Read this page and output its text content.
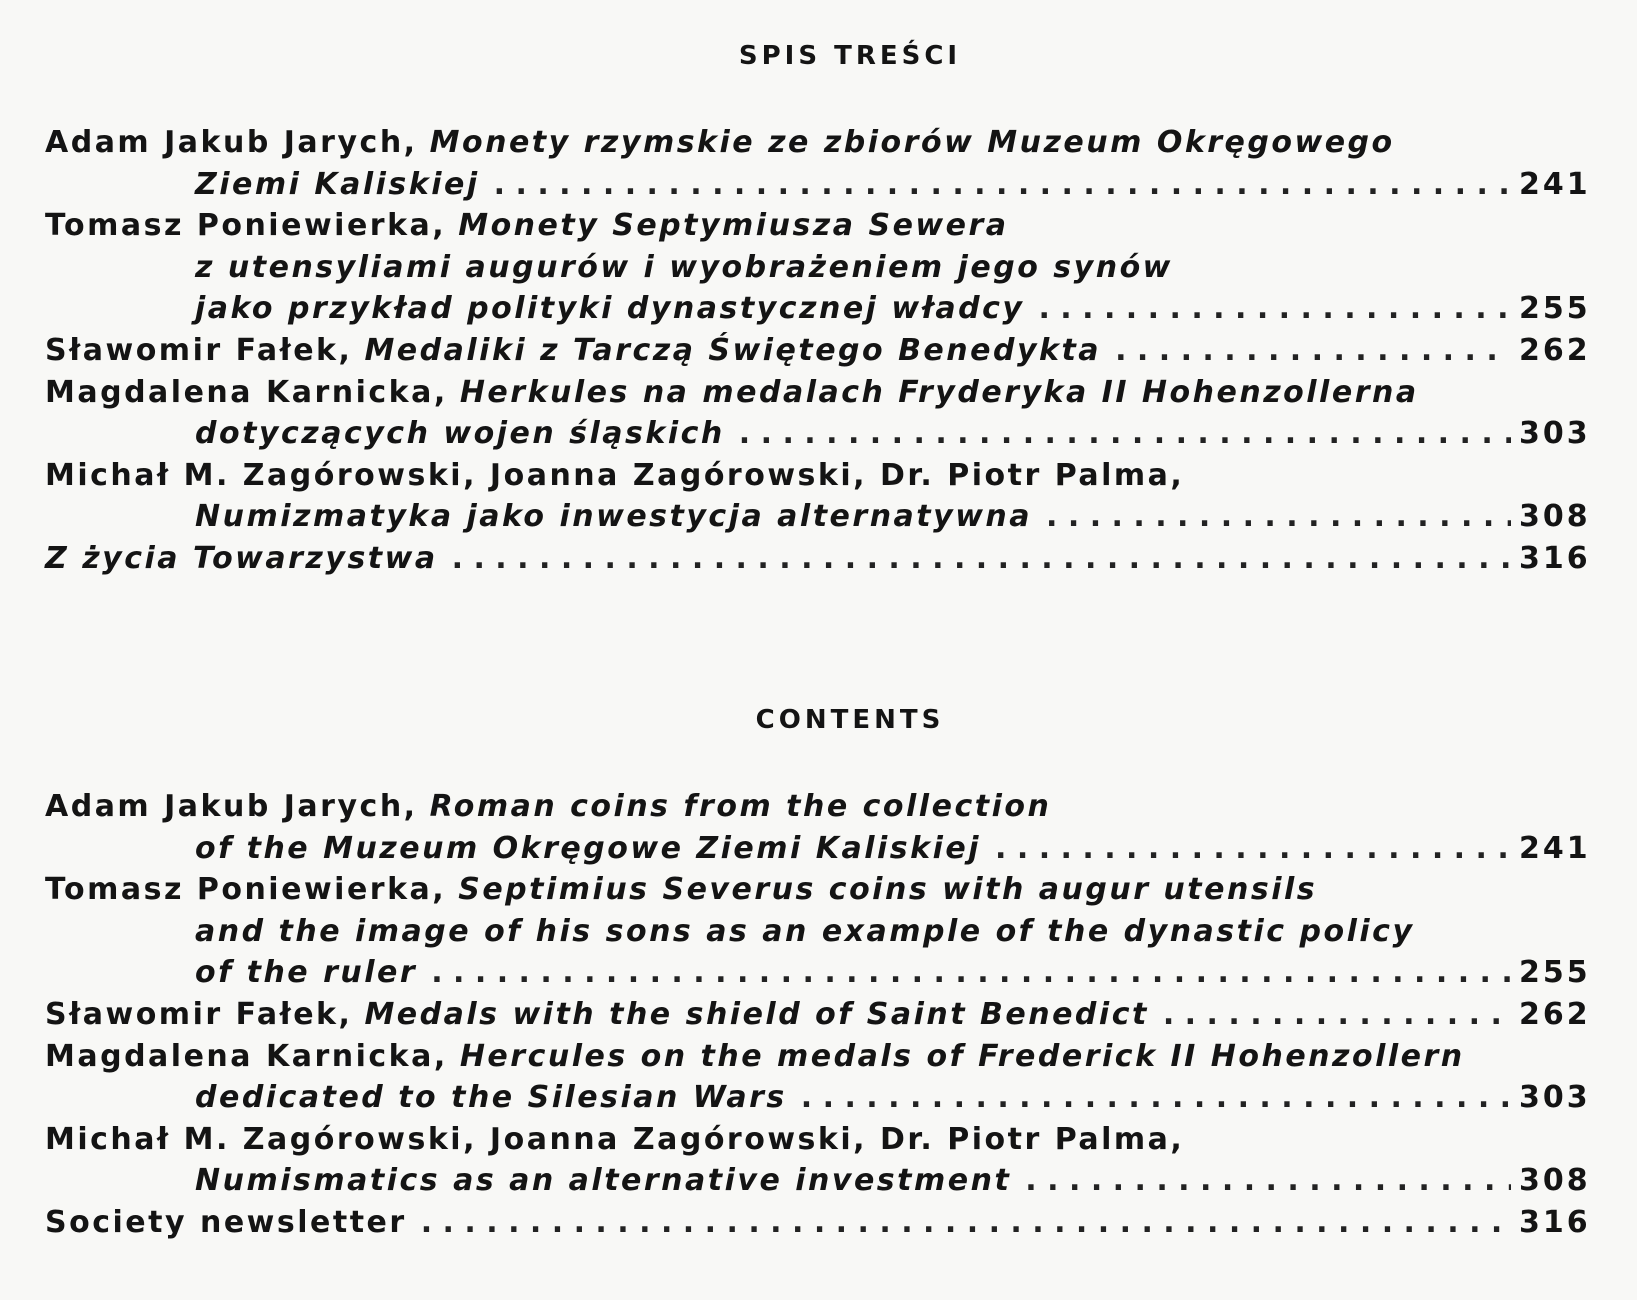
SPIS TREŚCI
Adam Jakub Jarych,
Monety rzymskie ze zbiorów Muzeum Okręgowego
Ziemi Kaliskiej . . .	241
Tomasz Poniewierka,
Monety Septymiusza Sewera
z utensyliami augurów i wyobrażeniem jego synów
jako przykład polityki dynastycznej władcy . . .	255
Sławomir Fałek,
Medaliki z Tarczą Świętego Benedykta . . .	262
Magdalena Karnicka,
Herkules na medalach Fryderyka II Hohenzollerna
dotyczących wojen śląskich . . .	303
Michał M. Zagórowski, Joanna Zagórowski, Dr. Piotr Palma,
Numizmatyka jako inwestycja alternatywna . . .	308
Z życia Towarzystwa . . .	316
CONTENTS
Adam Jakub Jarych,
Roman coins from the collection
of the Muzeum Okręgowe Ziemi Kaliskiej . . .	241
Tomasz Poniewierka,
Septimius Severus coins with augur utensils
and the image of his sons as an example of the dynastic policy
of the ruler . . .	255
Sławomir Fałek,
Medals with the shield of Saint Benedict . . .	262
Magdalena Karnicka,
Hercules on the medals of Frederick II Hohenzollern
dedicated to the Silesian Wars . . .	303
Michał M. Zagórowski, Joanna Zagórowski, Dr. Piotr Palma,
Numismatics as an alternative investment . . .	308
Society newsletter . . .	316
